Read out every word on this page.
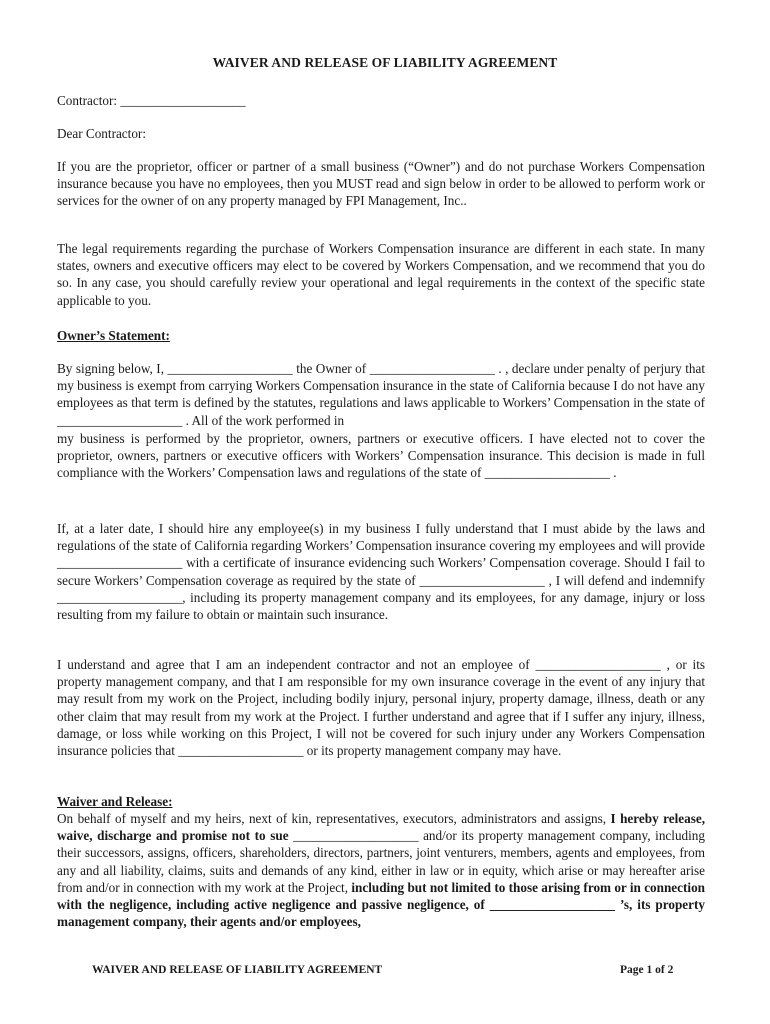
WAIVER AND RELEASE OF LIABILITY AGREEMENT
Contractor: ___________________
Dear Contractor:

If you are the proprietor, officer or partner of a small business (“Owner”) and do not purchase Workers Compensation insurance because you have no employees, then you MUST read and sign below in order to be allowed to perform work or services for the owner of on any property managed by FPI Management, Inc..

The legal requirements regarding the purchase of Workers Compensation insurance are different in each state. In many states, owners and executive officers may elect to be covered by Workers Compensation, and we recommend that you do so. In any case, you should carefully review your operational and legal requirements in the context of the specific state applicable to you.

Owner’s Statement:

By signing below, I, ___________________ the Owner of ___________________ . , declare under penalty of perjury that my business is exempt from carrying Workers Compensation insurance in the state of California because I do not have any employees as that term is defined by the statutes, regulations and laws applicable to Workers’ Compensation in the state of ___________________ . All of the work performed in

my business is performed by the proprietor, owners, partners or executive officers. I have elected not to cover the proprietor, owners, partners or executive officers with Workers’ Compensation insurance. This decision is made in full compliance with the Workers’ Compensation laws and regulations of the state of ___________________ .

If, at a later date, I should hire any employee(s) in my business I fully understand that I must abide by the laws and regulations of the state of California regarding Workers’ Compensation insurance covering my employees and will provide ___________________ with a certificate of insurance evidencing such Workers’ Compensation coverage. Should I fail to secure Workers’ Compensation coverage as required by the state of ___________________ , I will defend and indemnify ___________________, including its property management company and its employees, for any damage, injury or loss resulting from my failure to obtain or maintain such insurance.

I understand and agree that I am an independent contractor and not an employee of ___________________ , or its property management company, and that I am responsible for my own insurance coverage in the event of any injury that may result from my work on the Project, including bodily injury, personal injury, property damage, illness, death or any other claim that may result from my work at the Project. I further understand and agree that if I suffer any injury, illness, damage, or loss while working on this Project, I will not be covered for such injury under any Workers Compensation insurance policies that ___________________ or its property management company may have.

Waiver and Release:

On behalf of myself and my heirs, next of kin, representatives, executors, administrators and assigns, I hereby release, waive, discharge and promise not to sue ___________________ and/or its property management company, including their successors, assigns, officers, shareholders, directors, partners, joint venturers, members, agents and employees, from any and all liability, claims, suits and demands of any kind, either in law or in equity, which arise or may hereafter arise from and/or in connection with my work at the Project, including but not limited to those arising from or in connection with the negligence, including active negligence and passive negligence, of ___________________ ’s, its property management company, their agents and/or employees,

WAIVER AND RELEASE OF LIABILITY AGREEMENT	Page 1 of 2
